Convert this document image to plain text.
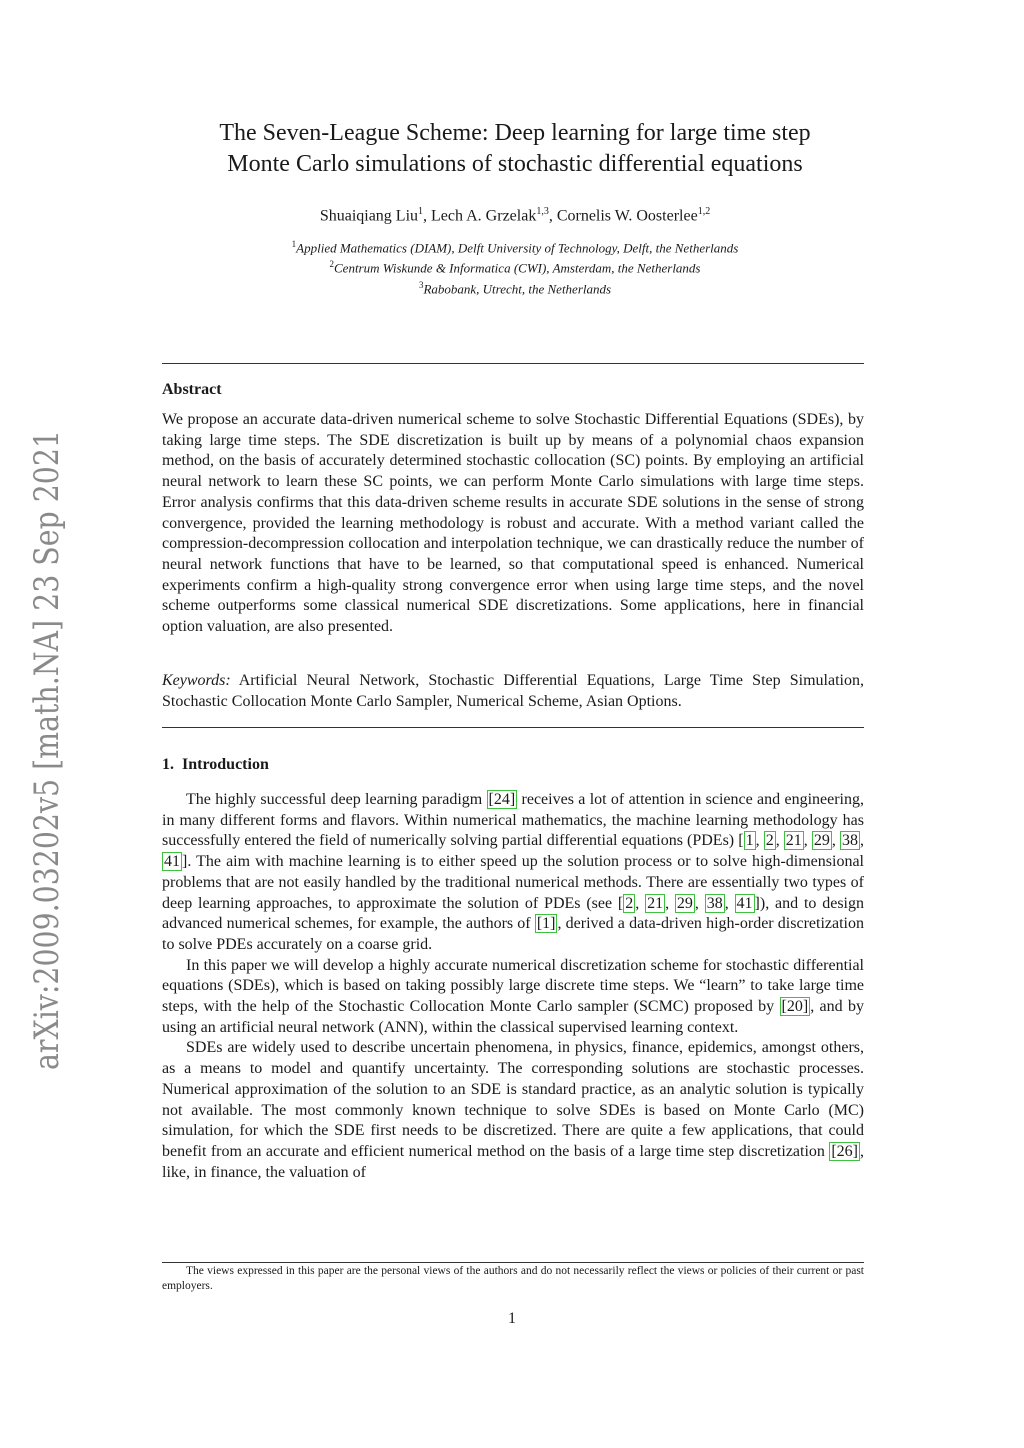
arXiv:2009.03202v5 [math.NA] 23 Sep 2021
The Seven-League Scheme: Deep learning for large time step
Monte Carlo simulations of stochastic differential equations
Shuaiqiang Liu$^1$, Lech A. Grzelak$^{1,3}$, Cornelis W. Oosterlee$^{1,2}$
$^1$Applied Mathematics (DIAM), Delft University of Technology, Delft, the Netherlands
$^2$Centrum Wiskunde & Informatica (CWI), Amsterdam, the Netherlands
$^3$Rabobank, Utrecht, the Netherlands
Abstract
We propose an accurate data-driven numerical scheme to solve Stochastic Differential Equations (SDEs), by taking large time steps. The SDE discretization is built up by means of a polynomial chaos expansion method, on the basis of accurately determined stochastic collocation (SC) points. By employing an artificial neural network to learn these SC points, we can perform Monte Carlo simulations with large time steps. Error analysis confirms that this data-driven scheme results in accurate SDE solutions in the sense of strong convergence, provided the learning methodology is robust and accurate. With a method variant called the compression-decompression collocation and interpolation technique, we can drastically reduce the number of neural network functions that have to be learned, so that computational speed is enhanced. Numerical experiments confirm a high-quality strong convergence error when using large time steps, and the novel scheme outperforms some classical numerical SDE discretizations. Some applications, here in financial option valuation, are also presented.
Keywords: Artificial Neural Network, Stochastic Differential Equations, Large Time Step Simulation, Stochastic Collocation Monte Carlo Sampler, Numerical Scheme, Asian Options.
1. Introduction

The highly successful deep learning paradigm [24] receives a lot of attention in science and engineering, in many different forms and flavors. Within numerical mathematics, the machine learning methodology has successfully entered the field of numerically solving partial differential equations (PDEs) [ 1 , 2 , 21 , 29 , 38 , 41 ]. The aim with machine learning is to either speed up the solution process or to solve high-dimensional problems that are not easily handled by the traditional numerical methods. There are essentially two types of deep learning approaches, to approximate the solution of PDEs (see [ 2 , 21 , 29 , 38 , 41 ]), and to design advanced numerical schemes, for example, the authors of [1] , derived a data-driven high-order discretization to solve PDEs accurately on a coarse grid.

In this paper we will develop a highly accurate numerical discretization scheme for stochastic differential equations (SDEs), which is based on taking possibly large discrete time steps. We “learn” to take large time steps, with the help of the Stochastic Collocation Monte Carlo sampler (SCMC) proposed by [20] , and by using an artificial neural network (ANN), within the classical supervised learning context.

SDEs are widely used to describe uncertain phenomena, in physics, finance, epidemics, amongst others, as a means to model and quantify uncertainty. The corresponding solutions are stochastic processes. Numerical approximation of the solution to an SDE is standard practice, as an analytic solution is typically not available. The most commonly known technique to solve SDEs is based on Monte Carlo (MC) simulation, for which the SDE first needs to be discretized. There are quite a few applications, that could benefit from an accurate and efficient numerical method on the basis of a large time step discretization [26] , like, in finance, the valuation of

The views expressed in this paper are the personal views of the authors and do not necessarily reflect the views or policies of their current or past employers.
1
